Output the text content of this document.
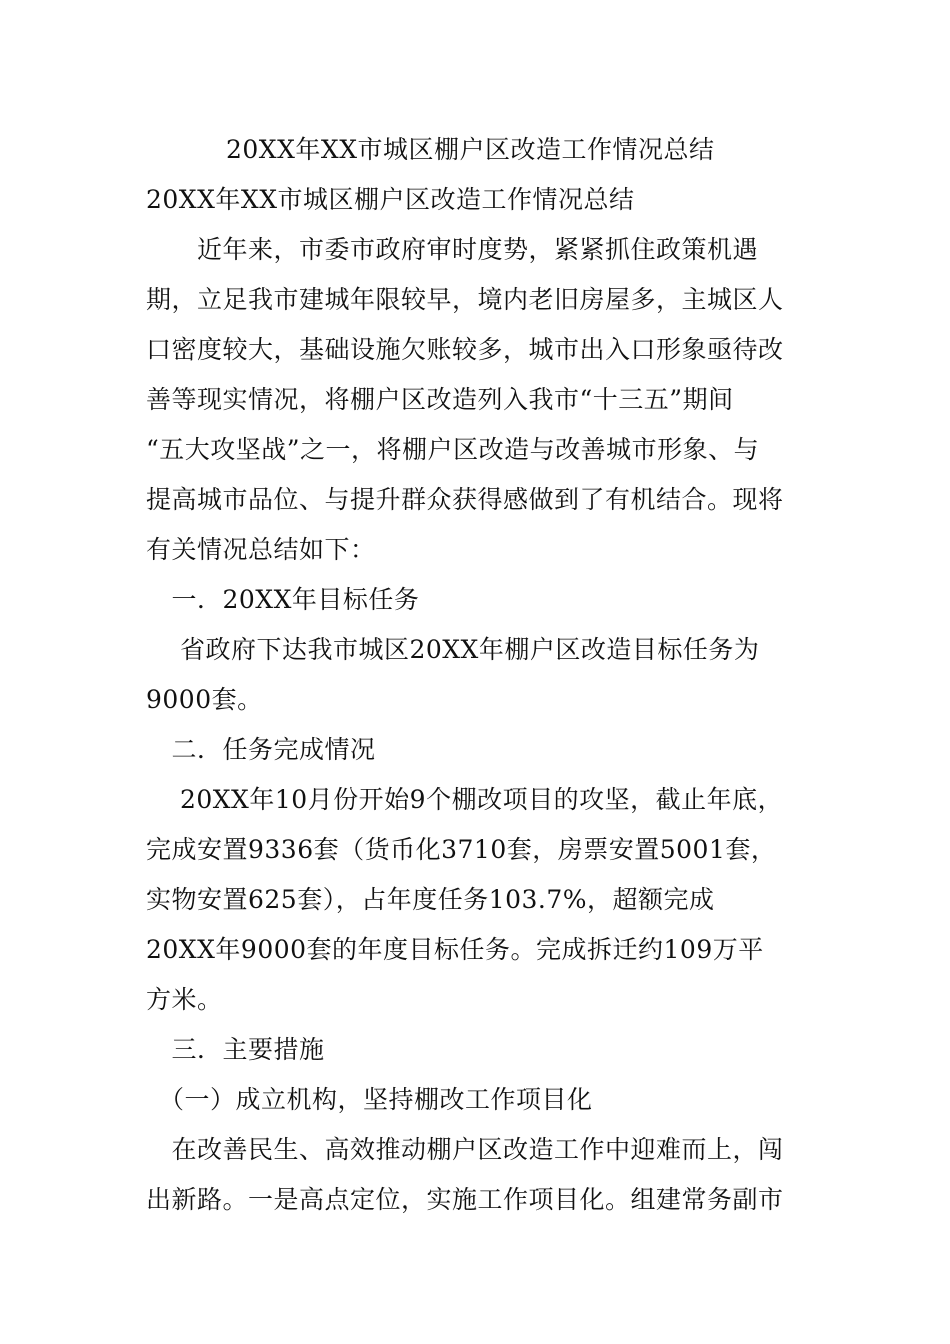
20XX年XX市城区棚户区改造工作情况总结
20XX年XX市城区棚户区改造工作情况总结
　　近年来，市委市政府审时度势，紧紧抓住政策机遇
期，立足我市建城年限较早，境内老旧房屋多，主城区人
口密度较大，基础设施欠账较多，城市出入口形象亟待改
善等现实情况，将棚户区改造列入我市“十三五”期间
“五大攻坚战”之一，将棚户区改造与改善城市形象、与
提高城市品位、与提升群众获得感做到了有机结合。现将
有关情况总结如下：
　一．20XX年目标任务
　 省政府下达我市城区20XX年棚户区改造目标任务为
9000套。
　二．任务完成情况
　 20XX年10月份开始9个棚改项目的攻坚，截止年底，
完成安置9336套（货币化3710套，房票安置5001套，
实物安置625套），占年度任务103.7%，超额完成
20XX年9000套的年度目标任务。完成拆迁约109万平
方米。
　三．主要措施
　（一）成立机构，坚持棚改工作项目化
　在改善民生、高效推动棚户区改造工作中迎难而上，闯
出新路。一是高点定位，实施工作项目化。组建常务副市
